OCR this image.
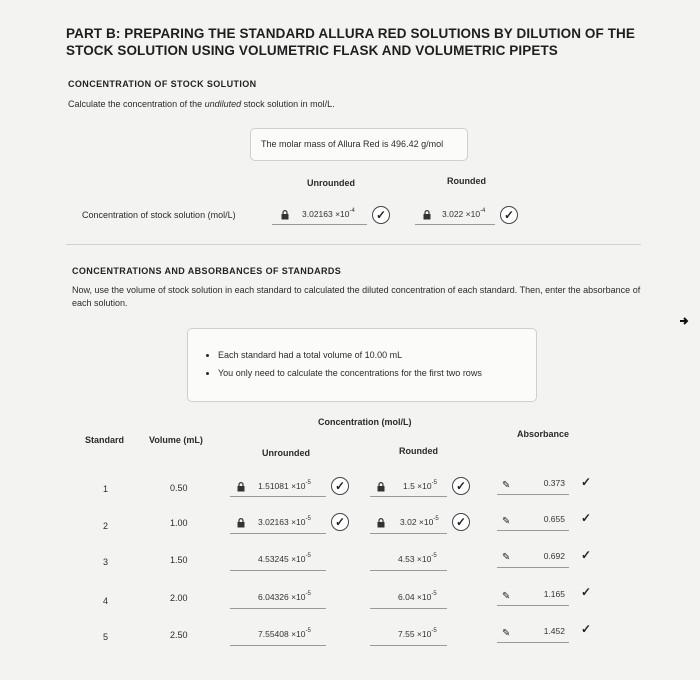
PART B: PREPARING THE STANDARD ALLURA RED SOLUTIONS BY DILUTION OF THE STOCK SOLUTION USING VOLUMETRIC FLASK AND VOLUMETRIC PIPETS
CONCENTRATION OF STOCK SOLUTION
Calculate the concentration of the undiluted stock solution in mol/L.
The molar mass of Allura Red is 496.42 g/mol
Unrounded	Rounded
Concentration of stock solution (mol/L)	$3.02163 \times 10^{-4}$ ✓	$3.022 \times 10^{-4}$ ✓
CONCENTRATIONS AND ABSORBANCES OF STANDARDS
Now, use the volume of stock solution in each standard to calculated the diluted concentration of each standard. Then, enter the absorbance of each solution.
• Each standard had a total volume of 10.00 mL
• You only need to calculate the concentrations for the first two rows
Standard	Volume (mL)
Concentration (mol/L)
Unrounded	Rounded
Absorbance
1	0.50	$1.51081 \times 10^{-5}$ ✓	$1.5 \times 10^{-5}$ ✓	✎	0.373 ✓
2	1.00	$3.02163 \times 10^{-5}$ ✓	$3.02 \times 10^{-5}$ ✓	✎	0.655 ✓
3	1.50	$4.53245 \times 10^{-5}$	$4.53 \times 10^{-5}$	✎	0.692 ✓
4	2.00	$6.04326 \times 10^{-5}$	$6.04 \times 10^{-5}$	✎	1.165 ✓
5	2.50	$7.55408 \times 10^{-5}$	$7.55 \times 10^{-5}$	✎	1.452 ✓
